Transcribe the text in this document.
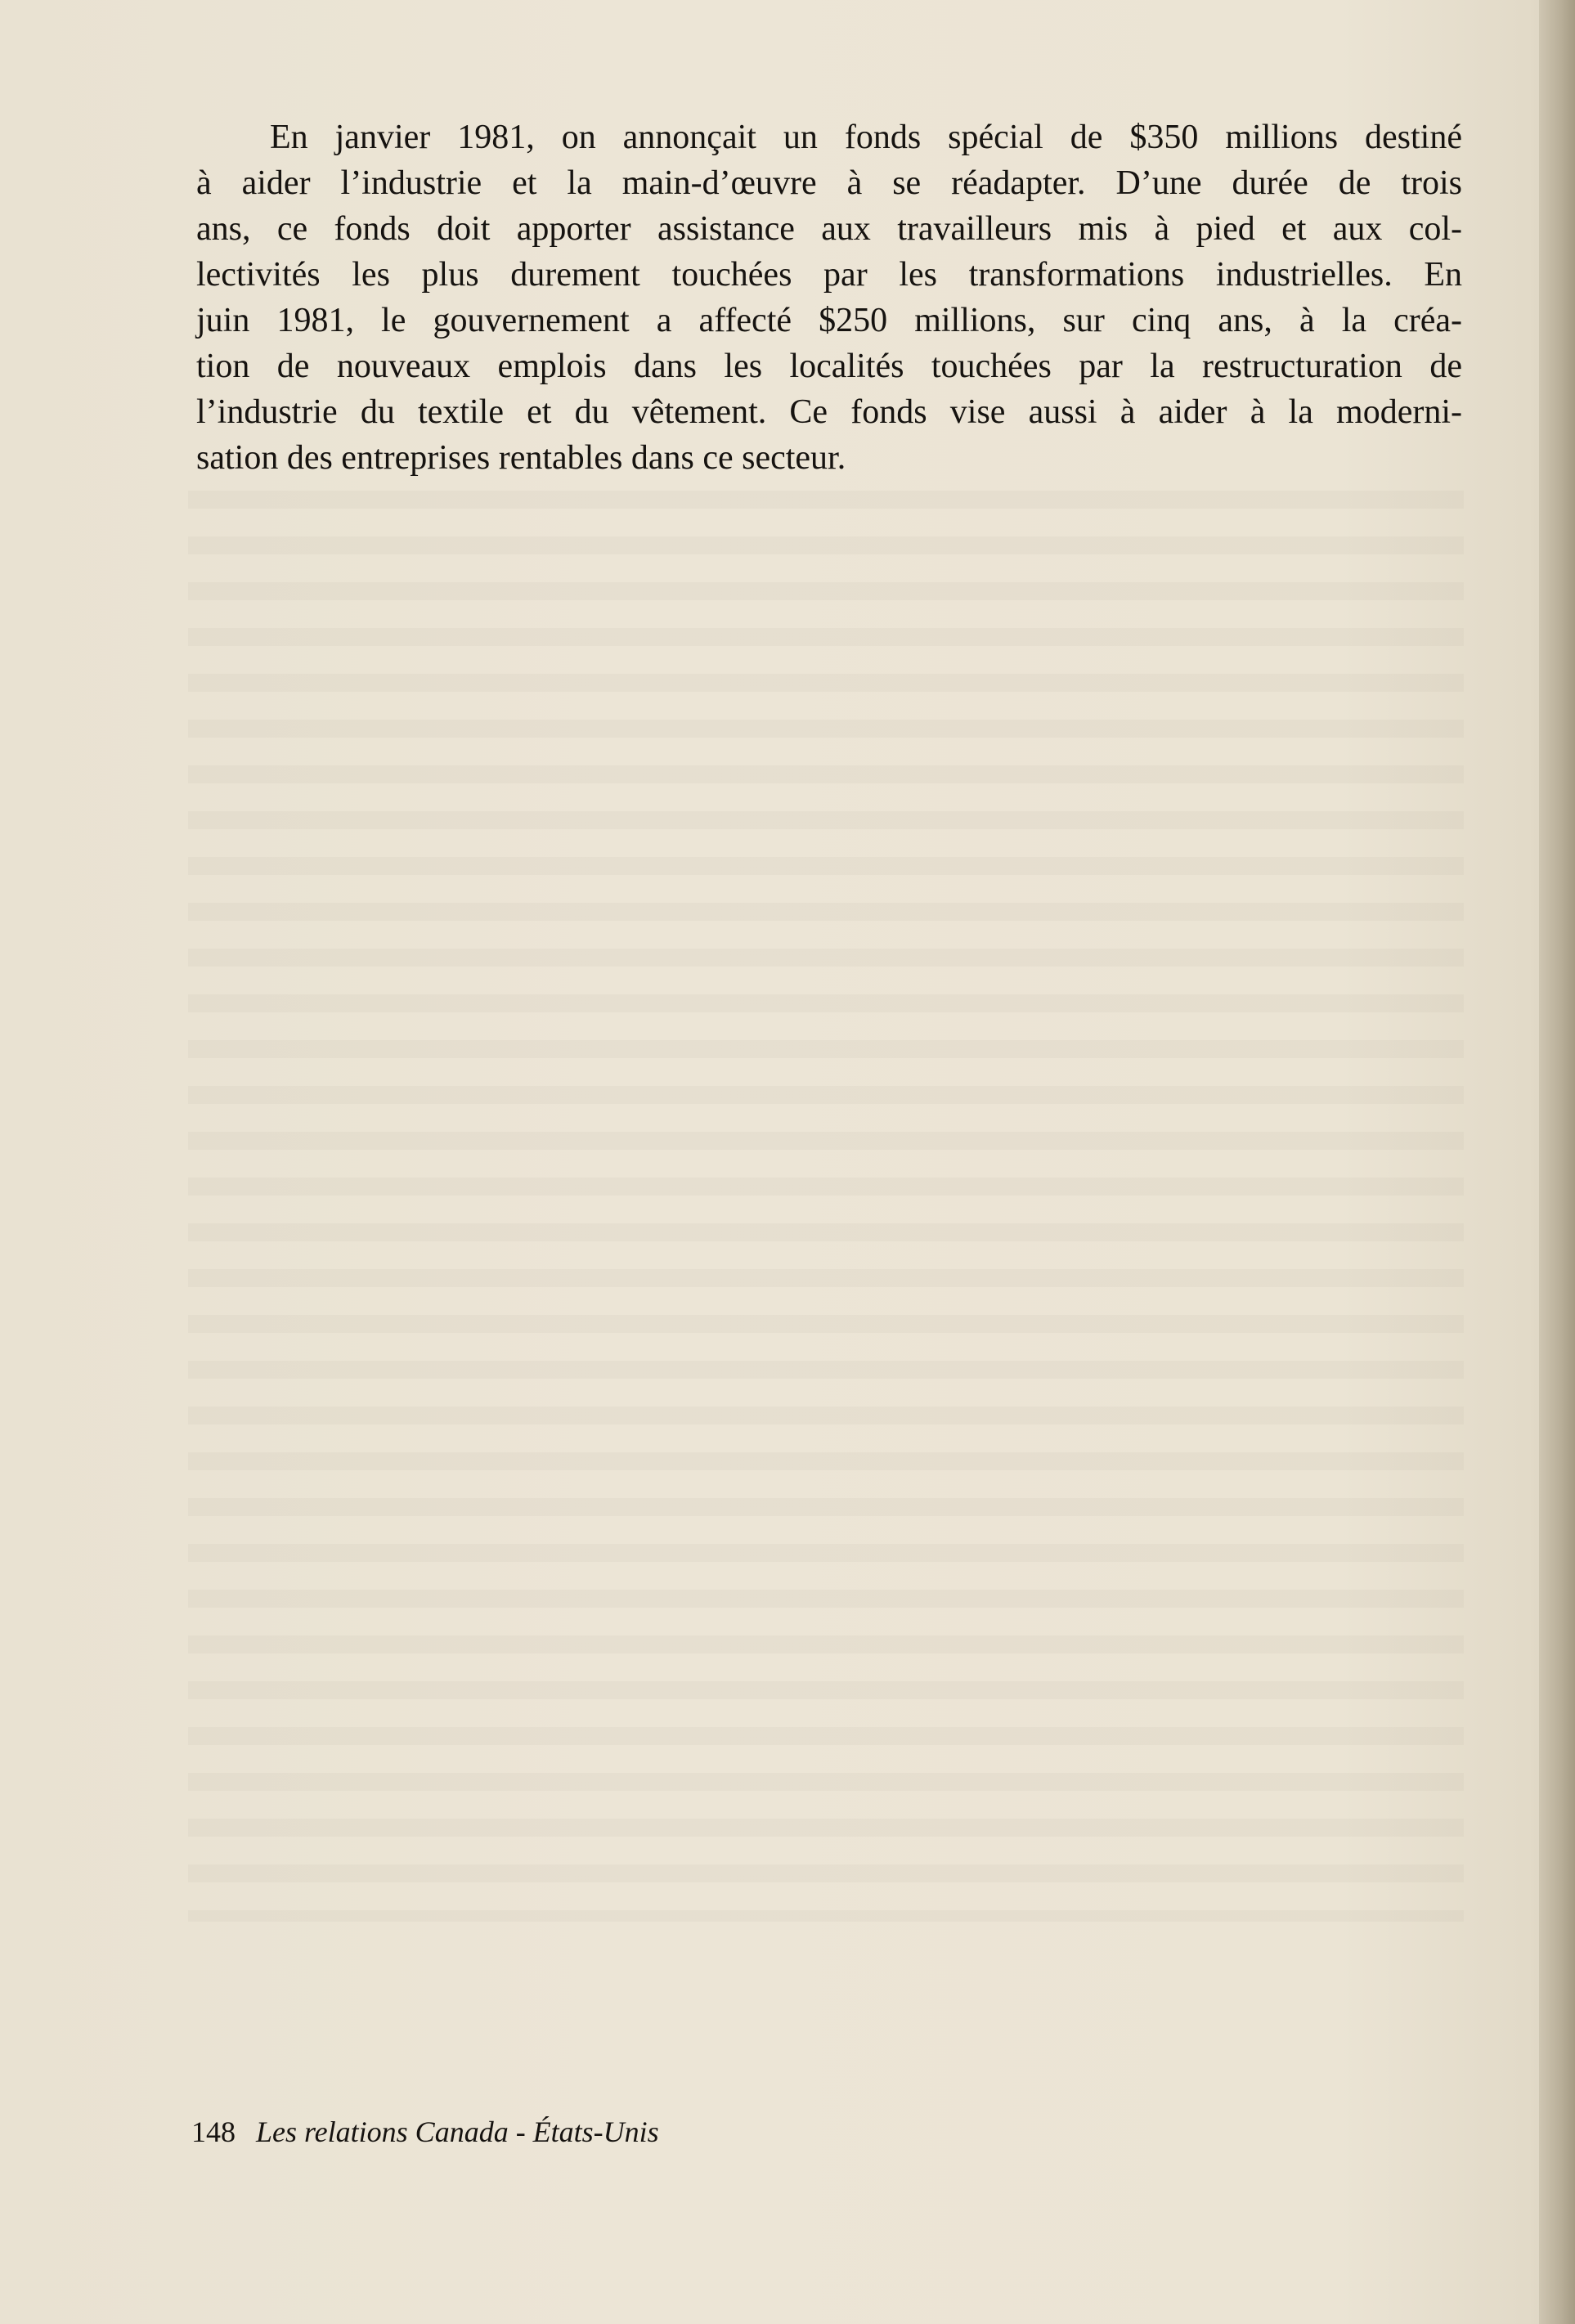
En janvier 1981, on annonçait un fonds spécial de $350 millions destiné
à aider l’industrie et la main-d’œuvre à se réadapter. D’une durée de trois
ans, ce fonds doit apporter assistance aux travailleurs mis à pied et aux col-
lectivités les plus durement touchées par les transformations industrielles. En
juin 1981, le gouvernement a affecté $250 millions, sur cinq ans, à la créa-
tion de nouveaux emplois dans les localités touchées par la restructuration de
l’industrie du textile et du vêtement. Ce fonds vise aussi à aider à la moderni-
sation des entreprises rentables dans ce secteur.

148 Les relations Canada - États-Unis
